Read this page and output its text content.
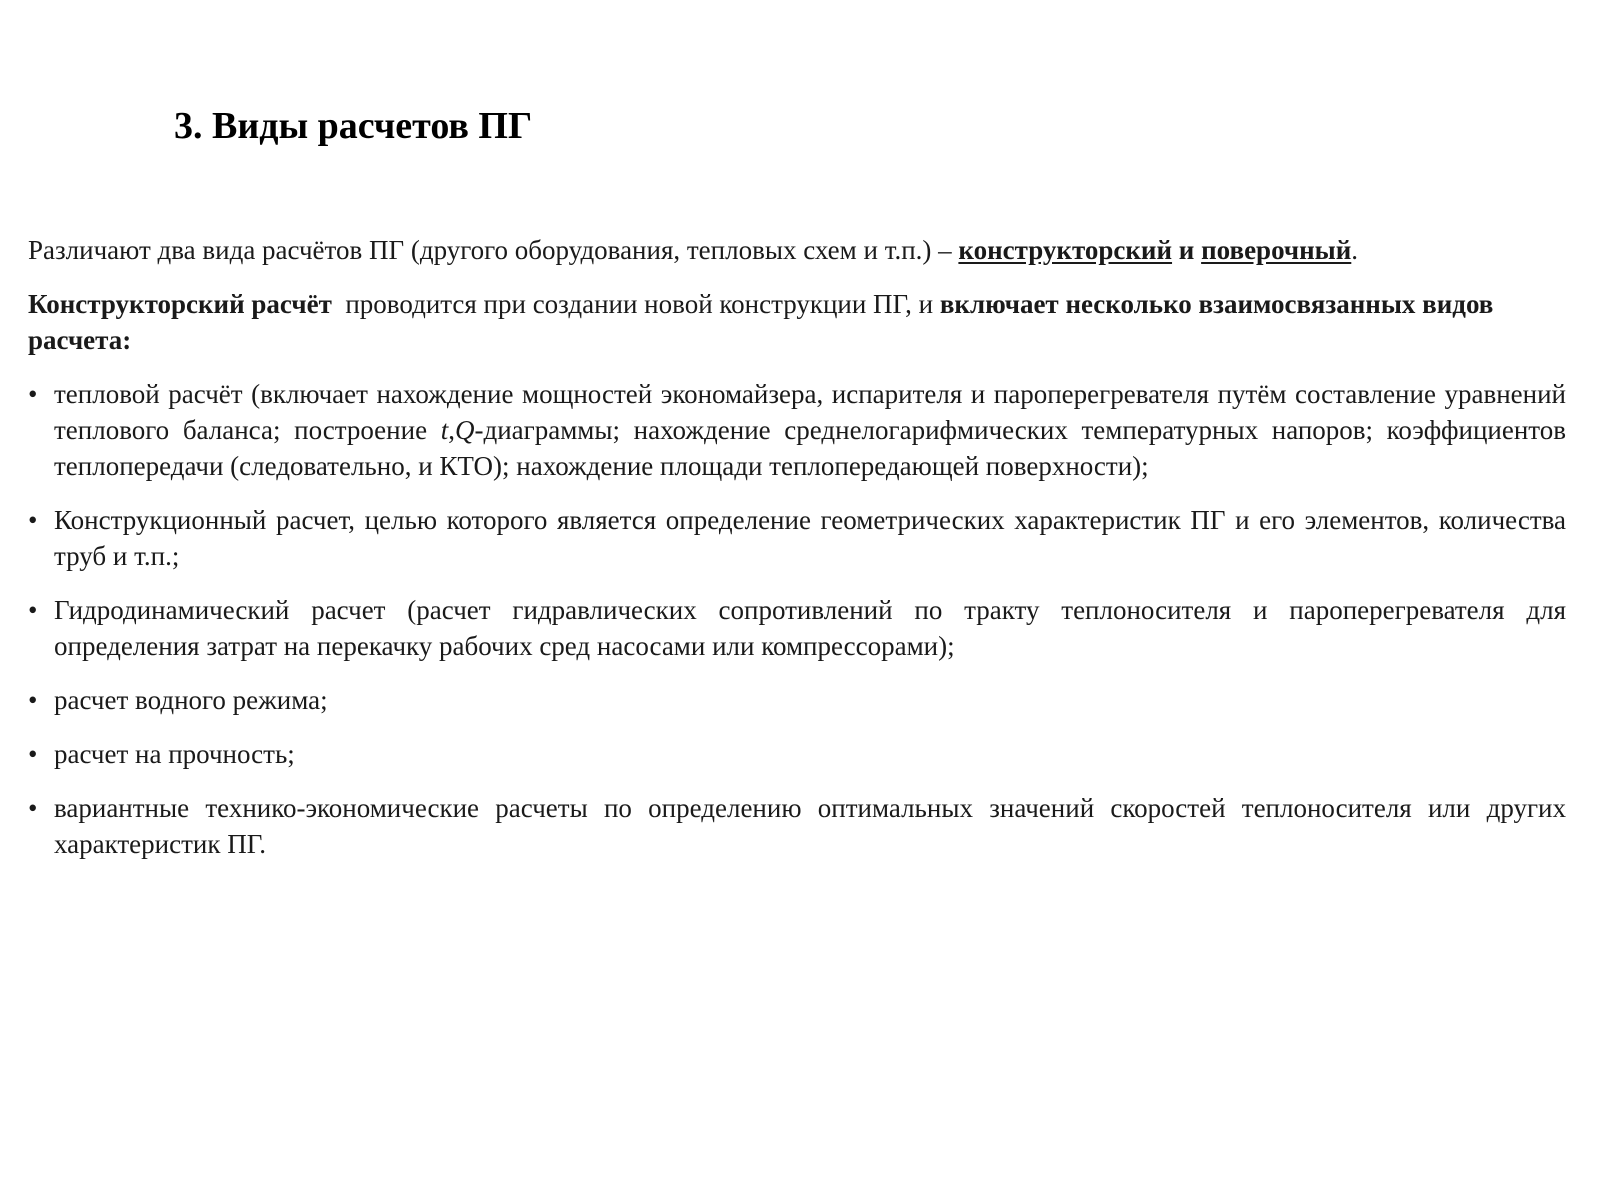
3. Виды расчетов ПГ

Различают два вида расчётов ПГ (другого оборудования, тепловых схем и т.п.) – конструкторский и поверочный.

Конструкторский расчёт  проводится при создании новой конструкции ПГ, и включает несколько взаимосвязанных видов расчета:

• тепловой расчёт (включает нахождение мощностей экономайзера, испарителя и пароперегревателя путём составление уравнений теплового баланса; построение t,Q-диаграммы; нахождение среднелогарифмических температурных напоров; коэффициентов теплопередачи (следовательно, и КТО); нахождение площади теплопередающей поверхности);
• Конструкционный расчет, целью которого является определение геометрических характеристик ПГ и его элементов, количества труб и т.п.;
• Гидродинамический расчет (расчет гидравлических сопротивлений по тракту теплоносителя и пароперегревателя для определения затрат на перекачку рабочих сред насосами или компрессорами);
• расчет водного режима;
• расчет на прочность;
• вариантные технико-экономические расчеты по определению оптимальных значений скоростей теплоносителя или других характеристик ПГ.
